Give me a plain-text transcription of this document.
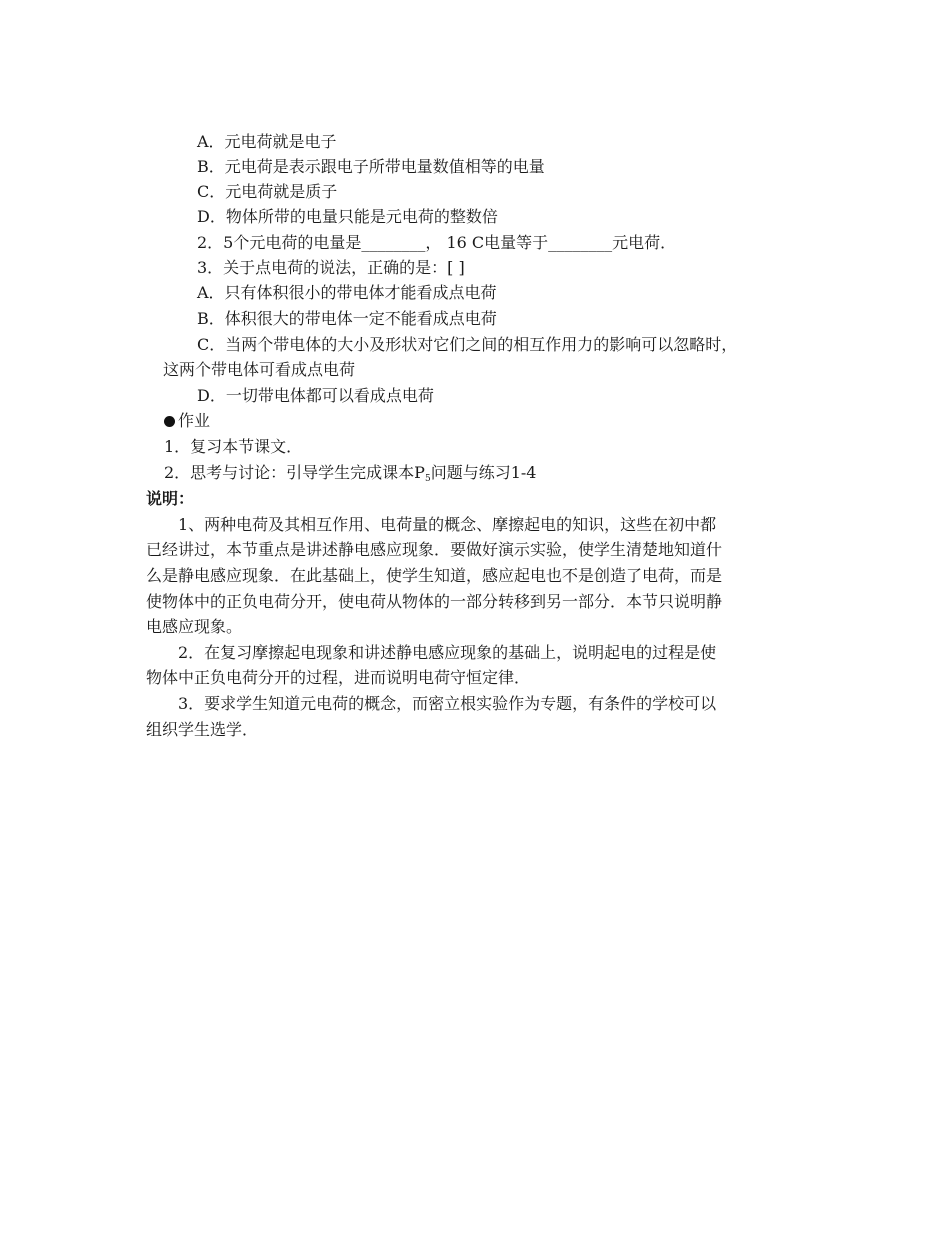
A．元电荷就是电子
B．元电荷是表示跟电子所带电量数值相等的电量
C．元电荷就是质子
D．物体所带的电量只能是元电荷的整数倍
2．5个元电荷的电量是________， 16 C电量等于________元电荷．
3．关于点电荷的说法，正确的是：[ ]
A．只有体积很小的带电体才能看成点电荷
B．体积很大的带电体一定不能看成点电荷
C．当两个带电体的大小及形状对它们之间的相互作用力的影响可以忽略时，
这两个带电体可看成点电荷
D．一切带电体都可以看成点电荷
作业
1．复习本节课文．
2．思考与讨论：引导学生完成课本$P_5$问题与练习1-4
说明：
1、两种电荷及其相互作用、电荷量的概念、摩擦起电的知识，这些在初中都
已经讲过，本节重点是讲述静电感应现象．要做好演示实验，使学生清楚地知道什
么是静电感应现象．在此基础上，使学生知道，感应起电也不是创造了电荷，而是
使物体中的正负电荷分开，使电荷从物体的一部分转移到另一部分．本节只说明静
电感应现象。
2．在复习摩擦起电现象和讲述静电感应现象的基础上，说明起电的过程是使
物体中正负电荷分开的过程，进而说明电荷守恒定律．
3．要求学生知道元电荷的概念，而密立根实验作为专题，有条件的学校可以
组织学生选学．
